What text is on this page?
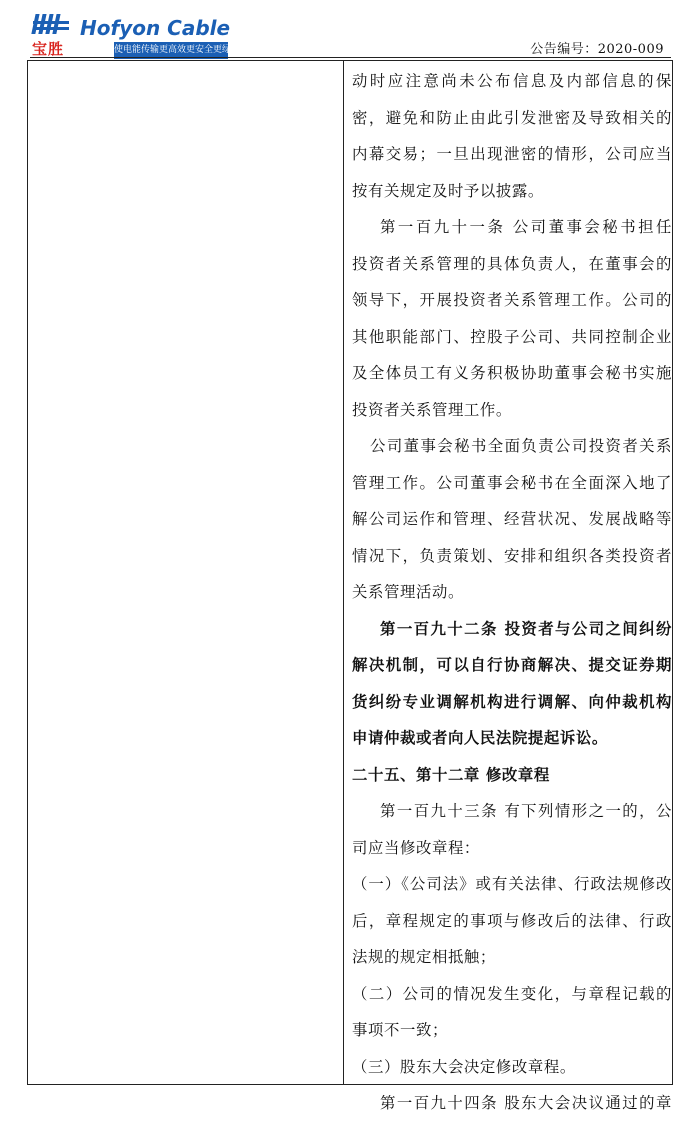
宝胜
Hofyon Cable
使电能传输更高效更安全更绿色	公告编号：2020-009
动时应注意尚未公布信息及内部信息的保
密，避免和防止由此引发泄密及导致相关的
内幕交易；一旦出现泄密的情形，公司应当
按有关规定及时予以披露。
第一百九十一条 公司董事会秘书担任
投资者关系管理的具体负责人，在董事会的
领导下，开展投资者关系管理工作。公司的
其他职能部门、控股子公司、共同控制企业
及全体员工有义务积极协助董事会秘书实施
投资者关系管理工作。
公司董事会秘书全面负责公司投资者关系
管理工作。公司董事会秘书在全面深入地了
解公司运作和管理、经营状况、发展战略等
情况下，负责策划、安排和组织各类投资者
关系管理活动。
第一百九十二条 投资者与公司之间纠纷
解决机制，可以自行协商解决、提交证券期
货纠纷专业调解机构进行调解、向仲裁机构
申请仲裁或者向人民法院提起诉讼。
二十五、第十二章 修改章程
第一百九十三条 有下列情形之一的，公
司应当修改章程：
（一）《公司法》或有关法律、行政法规修改
后，章程规定的事项与修改后的法律、行政
法规的规定相抵触；
（二）公司的情况发生变化，与章程记载的
事项不一致；
（三）股东大会决定修改章程。
第一百九十四条 股东大会决议通过的章
